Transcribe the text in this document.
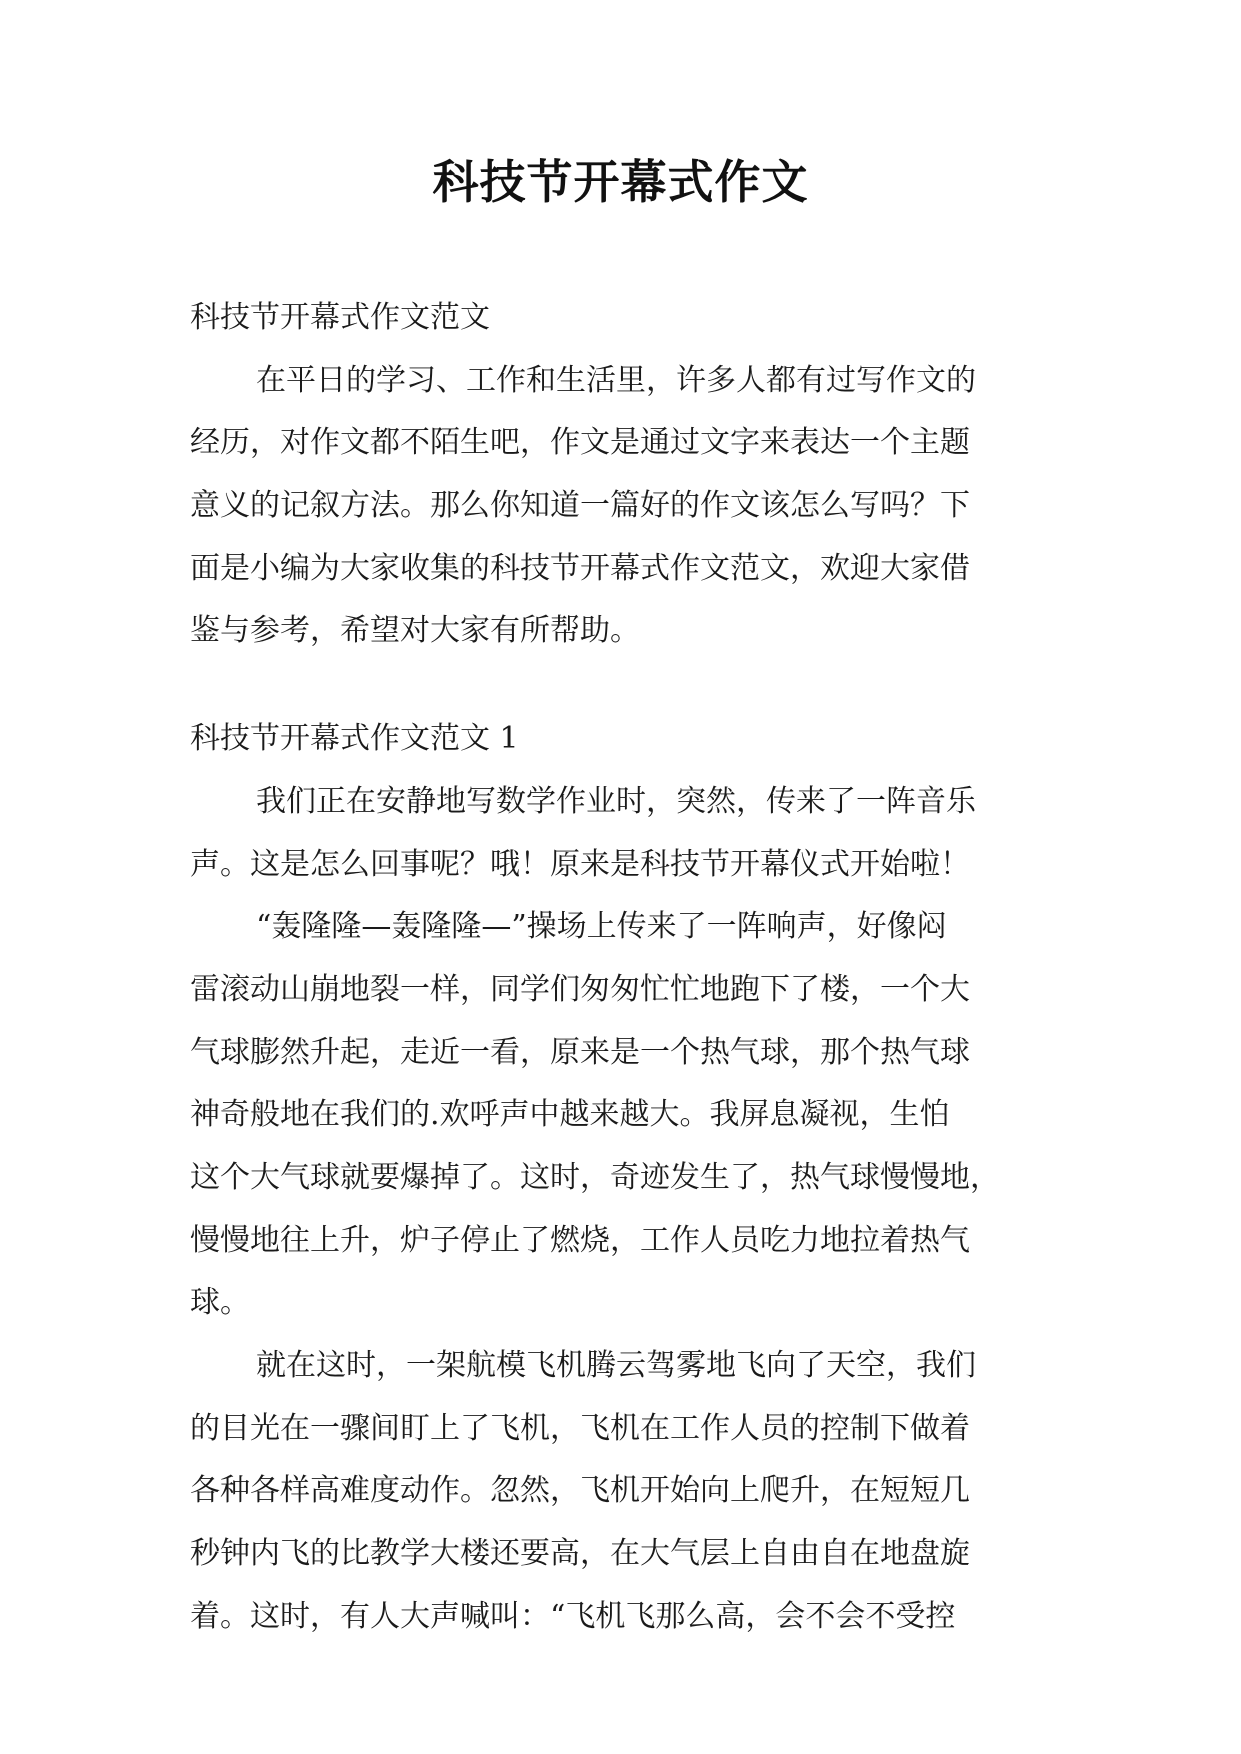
科技节开幕式作文
科技节开幕式作文范文
在平日的学习、工作和生活里，许多人都有过写作文的
经历，对作文都不陌生吧，作文是通过文字来表达一个主题
意义的记叙方法。那么你知道一篇好的作文该怎么写吗？下
面是小编为大家收集的科技节开幕式作文范文，欢迎大家借
鉴与参考，希望对大家有所帮助。
科技节开幕式作文范文 1
我们正在安静地写数学作业时，突然，传来了一阵音乐
声。这是怎么回事呢？哦！原来是科技节开幕仪式开始啦！
“轰隆隆—轰隆隆—”操场上传来了一阵响声，好像闷
雷滚动山崩地裂一样，同学们匆匆忙忙地跑下了楼，一个大
气球膨然升起，走近一看，原来是一个热气球，那个热气球
神奇般地在我们的.欢呼声中越来越大。我屏息凝视，生怕
这个大气球就要爆掉了。这时，奇迹发生了，热气球慢慢地，
慢慢地往上升，炉子停止了燃烧，工作人员吃力地拉着热气
球。
就在这时，一架航模飞机腾云驾雾地飞向了天空，我们
的目光在一骤间盯上了飞机，飞机在工作人员的控制下做着
各种各样高难度动作。忽然，飞机开始向上爬升，在短短几
秒钟内飞的比教学大楼还要高，在大气层上自由自在地盘旋
着。这时，有人大声喊叫：“飞机飞那么高，会不会不受控
